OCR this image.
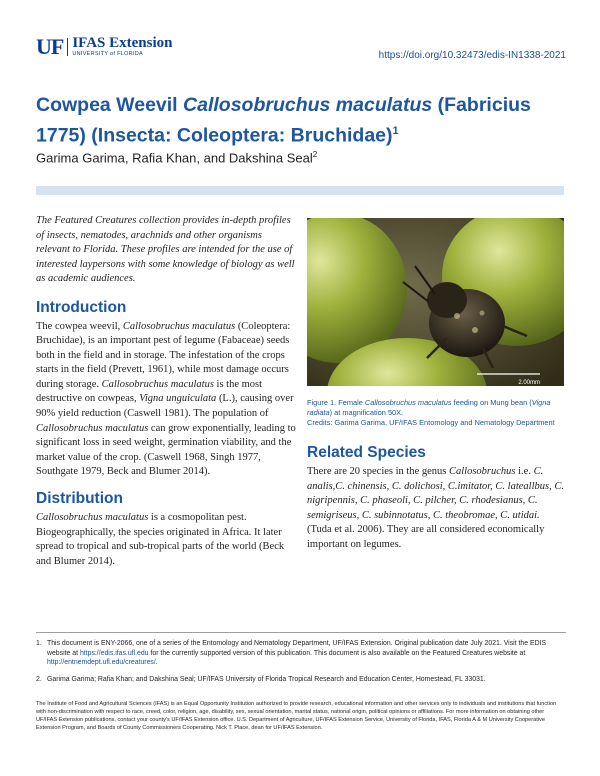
UF IFAS Extension
UNIVERSITY of FLORIDA	https://doi.org/10.32473/edis-IN1338-2021
Cowpea Weevil Callosobruchus maculatus (Fabricius 1775) (Insecta: Coleoptera: Bruchidae)$^1$
Garima Garima, Rafia Khan, and Dakshina Seal$^2$

The Featured Creatures collection provides in-depth profiles of insects, nematodes, arachnids and other organisms relevant to Florida. These profiles are intended for the use of interested laypersons with some knowledge of biology as well as academic audiences.

Introduction

The cowpea weevil, Callosobruchus maculatus (Coleoptera: Bruchidae), is an important pest of legume (Fabaceae) seeds both in the field and in storage. The infestation of the crops starts in the field (Prevett, 1961), while most damage occurs during storage. Callosobruchus maculatus is the most destructive on cowpeas, Vigna unguiculata (L.), causing over 90% yield reduction (Caswell 1981). The population of Callosobruchus maculatus can grow exponentially, leading to significant loss in seed weight, germination viability, and the market value of the crop. (Caswell 1968, Singh 1977, Southgate 1979, Beck and Blumer 2014).

Distribution

Callosobruchus maculatus is a cosmopolitan pest. Biogeographically, the species originated in Africa. It later spread to tropical and sub-tropical parts of the world (Beck and Blumer 2014).

2.00mm
Figure 1. Female Callosobruchus maculatus feeding on Mung bean (Vigna radiata) at magnification 50X.
Credits: Garima Garima, UF/IFAS Entomology and Nematology Department
Related Species

There are 20 species in the genus Callosobruchus i.e. C. analis,C. chinensis, C. dolichosi, C.imitator, C. lateallbus, C. nigripennis, C. phaseoli, C. pilcher, C. rhodesianus, C. semigriseus, C. subinnotatus, C. theobromae, C. utidai. (Tuda et al. 2006). They are all considered economically important on legumes.

1. This document is ENY-2066, one of a series of the Entomology and Nematology Department, UF/IFAS Extension. Original publication date July 2021. Visit the EDIS website at https://edis.ifas.ufl.edu for the currently supported version of this publication. This document is also available on the Featured Creatures website at http://entnemdept.ufl.edu/creatures/.
2. Garima Garima; Rafia Khan; and Dakshina Seal; UF/IFAS University of Florida Tropical Research and Education Center, Homestead, FL 33031.

The Institute of Food and Agricultural Sciences (IFAS) is an Equal Opportunity Institution authorized to provide research, educational information and other services only to individuals and institutions that function with non-discrimination with respect to race, creed, color, religion, age, disability, sex, sexual orientation, marital status, national origin, political opinions or affiliations. For more information on obtaining other UF/IFAS Extension publications, contact your county's UF/IFAS Extension office. U.S. Department of Agriculture, UF/IFAS Extension Service, University of Florida, IFAS, Florida A & M University Cooperative Extension Program, and Boards of County Commissioners Cooperating. Nick T. Place, dean for UF/IFAS Extension.
